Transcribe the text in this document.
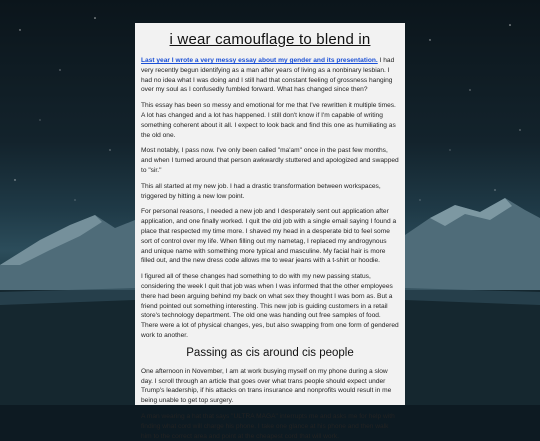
i wear camouflage to blend in

Last year I wrote a very messy essay about my gender and its presentation. I had very recently begun identifying as a man after years of living as a nonbinary lesbian. I had no idea what I was doing and I still had that constant feeling of grossness hanging over my soul as I confusedly fumbled forward. What has changed since then?

This essay has been so messy and emotional for me that I've rewritten it multiple times. A lot has changed and a lot has happened. I still don't know if I'm capable of writing something coherent about it all. I expect to look back and find this one as humiliating as the old one.

Most notably, I pass now. I've only been called "ma'am" once in the past few months, and when I turned around that person awkwardly stuttered and apologized and swapped to "sir."

This all started at my new job. I had a drastic transformation between workspaces, triggered by hitting a new low point.

For personal reasons, I needed a new job and I desperately sent out application after application, and one finally worked. I quit the old job with a single email saying I found a place that respected my time more. I shaved my head in a desperate bid to feel some sort of control over my life. When filling out my nametag, I replaced my androgynous and unique name with something more typical and masculine. My facial hair is more filled out, and the new dress code allows me to wear jeans with a t-shirt or hoodie.

I figured all of these changes had something to do with my new passing status, considering the week I quit that job was when I was informed that the other employees there had been arguing behind my back on what sex they thought I was born as. But a friend pointed out something interesting. This new job is guiding customers in a retail store's technology department. The old one was handing out free samples of food. There were a lot of physical changes, yes, but also swapping from one form of gendered work to another.

Passing as cis around cis people

One afternoon in November, I am at work busying myself on my phone during a slow day. I scroll through an article that goes over what trans people should expect under Trump's leadership, if his attacks on trans insurance and nonprofits would result in me being unable to get top surgery.

A man wearing a hat that says "ULTRA MAGA" interrupts me and asks me for help with finding what cord will charge his phone. I take one glance at his phone and then walk him to the correct area and point at the cheapest cord that will work.
